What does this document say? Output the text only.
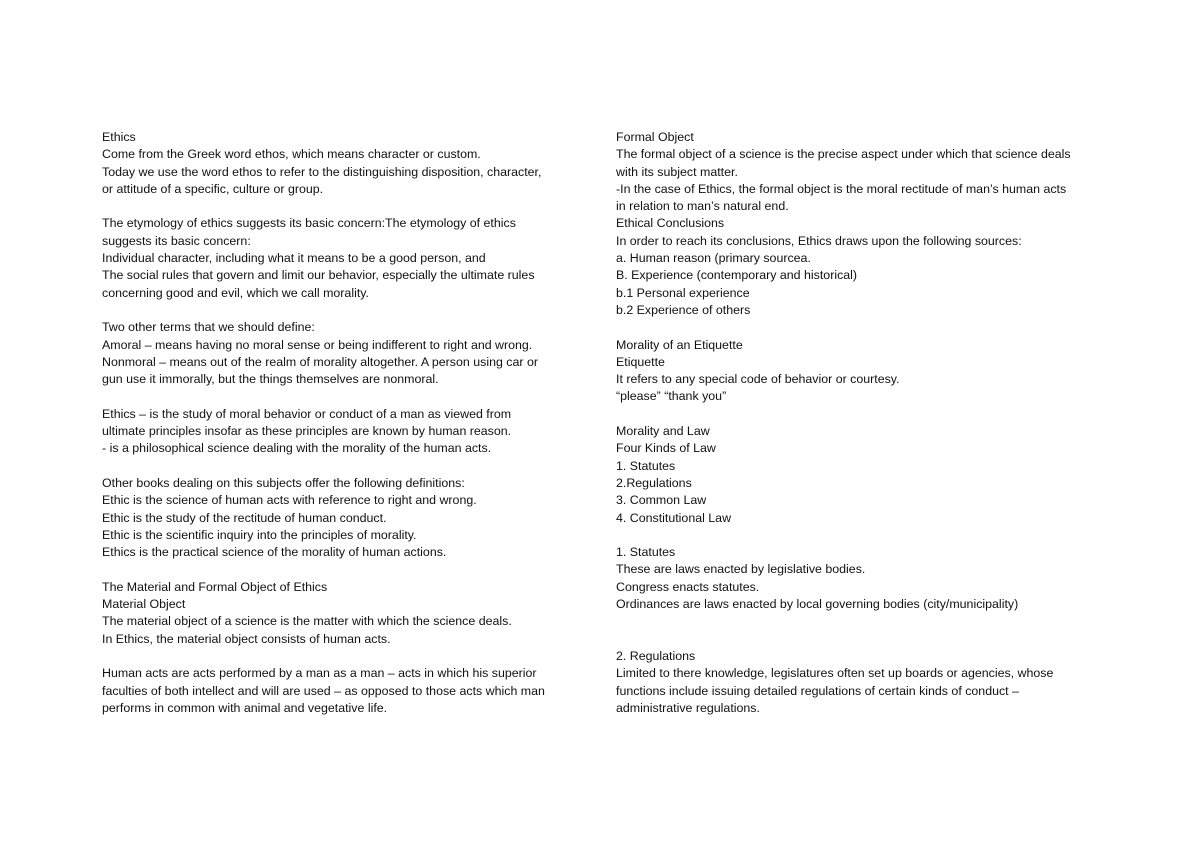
Ethics
Come from the Greek word ethos, which means character or custom.
Today we use the word ethos to refer to the distinguishing disposition, character,
or attitude of a specific, culture or group.
The etymology of ethics suggests its basic concern:The etymology of ethics
suggests its basic concern:
Individual character, including what it means to be a good person, and
The social rules that govern and limit our behavior, especially the ultimate rules
concerning good and evil, which we call morality.
Two other terms that we should define:
Amoral – means having no moral sense or being indifferent to right and wrong.
Nonmoral – means out of the realm of morality altogether. A person using car or
gun use it immorally, but the things themselves are nonmoral.
Ethics – is the study of moral behavior or conduct of a man as viewed from
ultimate principles insofar as these principles are known by human reason.
- is a philosophical science dealing with the morality of the human acts.
Other books dealing on this subjects offer the following definitions:
Ethic is the science of human acts with reference to right and wrong.
Ethic is the study of the rectitude of human conduct.
Ethic is the scientific inquiry into the principles of morality.
Ethics is the practical science of the morality of human actions.
The Material and Formal Object of Ethics
Material Object
The material object of a science is the matter with which the science deals.
In Ethics, the material object consists of human acts.
Human acts are acts performed by a man as a man – acts in which his superior
faculties of both intellect and will are used – as opposed to those acts which man
performs in common with animal and vegetative life.
Formal Object
The formal object of a science is the precise aspect under which that science deals
with its subject matter.
-In the case of Ethics, the formal object is the moral rectitude of man’s human acts
in relation to man’s natural end.
Ethical Conclusions
In order to reach its conclusions, Ethics draws upon the following sources:
a. Human reason (primary sourcea.
B. Experience (contemporary and historical)
b.1 Personal experience
b.2 Experience of others
Morality of an Etiquette
Etiquette
It refers to any special code of behavior or courtesy.
“please” “thank you”
Morality and Law
Four Kinds of Law
1. Statutes
2.Regulations
3. Common Law
4. Constitutional Law
1. Statutes
These are laws enacted by legislative bodies.
Congress enacts statutes.
Ordinances are laws enacted by local governing bodies (city/municipality)
2. Regulations
Limited to there knowledge, legislatures often set up boards or agencies, whose
functions include issuing detailed regulations of certain kinds of conduct –
administrative regulations.
